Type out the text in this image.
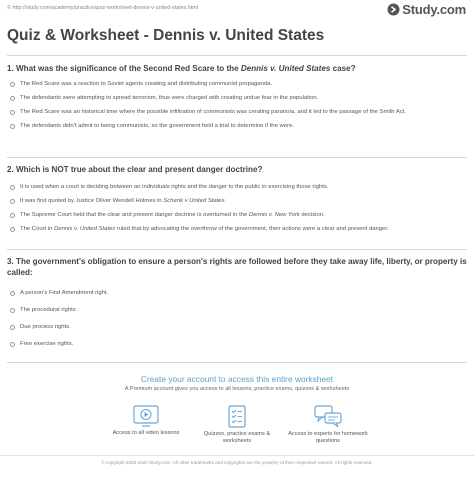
© http://study.com/academy/practice/quiz-worksheet-dennis-v-united-states.html	Study.com
Quiz & Worksheet - Dennis v. United States
1. What was the significance of the Second Red Scare to the Dennis v. United States case?
The Red Scare was a reaction to Soviet agents creating and distributing communist propaganda.
The defendants were attempting to spread terrorism, thus were charged with creating undue fear in the population.
The Red Scare was an historical time where the possible infiltration of communists was creating paranoia, and it led to the passage of the Smith Act.
The defendants didn't admit to being communists, so the government held a trial to determine if the were.
2. Which is NOT true about the clear and present danger doctrine?
It is used when a court is deciding between an individuals rights and the danger to the public in exercising those rights.
It was first quoted by Justice Oliver Wendell Holmes in Schenk v United States.
The Supreme Court held that the clear and present danger doctrine is overturned in the Dennis v. New York decision.
The Court in Dennis v. United States ruled that by advocating the overthrow of the government, their actions were a clear and present danger.
3. The government's obligation to ensure a person's rights are followed before they take away life, liberty, or property is called:
A person's First Amendment right.
The procedural rights
Due process rights.
Free exercise rights.
Create your account to access this entire worksheet
A Premium account gives you access to all lessons, practice exams, quizzes & worksheets
Access to all video lessons	Quizzes, practice exams & worksheets
Access to experts for homework questions
© copyright 2003-2020 Study.com. All other trademarks and copyrights are the property of their respective owners. All rights reserved.
